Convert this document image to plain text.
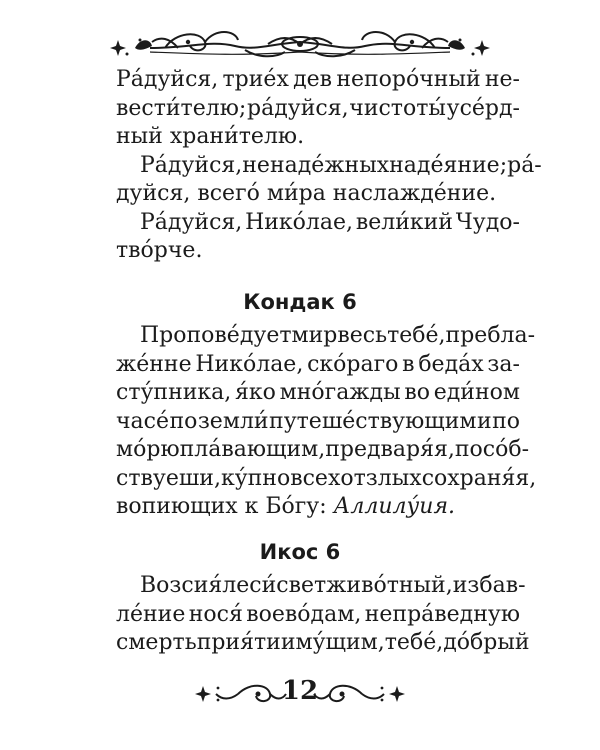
Ра́дуйся, трие́х дев непоро́чный не-
вести́телю; ра́дуйся, чистоты́ усе́рд-
ный храни́телю.
Ра́дуйся, ненаде́жных наде́яние; ра́-
дуйся, всего́ ми́ра наслажде́ние.
Ра́дуйся, Нико́лае, вели́кий Чудо-
тво́рче.
Кондак 6
Пропове́дует мир весь тебе́, пребла-
же́нне Нико́лае, ско́раго в беда́х за-
сту́пника, я́ко мно́гажды во еди́ном
часе́ по земли́ путеше́ствующим и по
мо́рю пла́вающим, предваря́я, посо́б-
ствуеши, ку́пно всех от злых сохраня́я,
вопиющих к Бо́гу: Аллилу́ия.
Икос 6
Возсия́л еси́ свет живо́тный, избав-
ле́ние нося́ воево́дам, непра́ведную
смерть прия́ти иму́щим, тебе́, до́брый
12
